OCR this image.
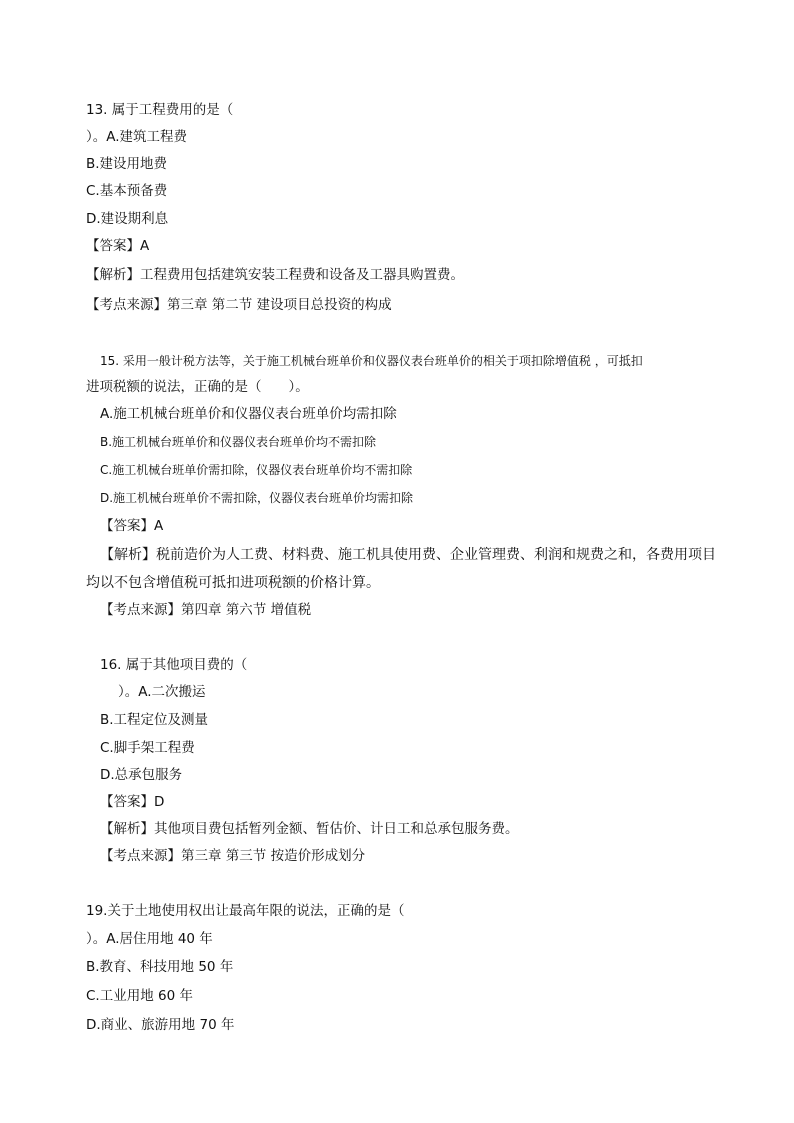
13. 属于工程费用的是（
）。A.建筑工程费
B.建设用地费
C.基本预备费
D.建设期利息
【答案】A
【解析】工程费用包括建筑安装工程费和设备及工器具购置费。
【考点来源】第三章 第二节 建设项目总投资的构成
15. 采用一般计税方法等，关于施工机械台班单价和仪器仪表台班单价的相关于项扣除增值税 ，可抵扣
进项税额的说法，正确的是（　　）。
A.施工机械台班单价和仪器仪表台班单价均需扣除
B.施工机械台班单价和仪器仪表台班单价均不需扣除
C.施工机械台班单价需扣除，仪器仪表台班单价均不需扣除
D.施工机械台班单价不需扣除，仪器仪表台班单价均需扣除
【答案】A
【解析】税前造价为人工费、材料费、施工机具使用费、企业管理费、利润和规费之和，各费用项目
均以不包含增值税可抵扣进项税额的价格计算。
【考点来源】第四章 第六节 增值税
16. 属于其他项目费的（
）。A.二次搬运
B.工程定位及测量
C.脚手架工程费
D.总承包服务
【答案】D
【解析】其他项目费包括暂列金额、暂估价、计日工和总承包服务费。
【考点来源】第三章 第三节 按造价形成划分
19.关于土地使用权出让最高年限的说法，正确的是（
）。A.居住用地 40 年
B.教育、科技用地 50 年
C.工业用地 60 年
D.商业、旅游用地 70 年
